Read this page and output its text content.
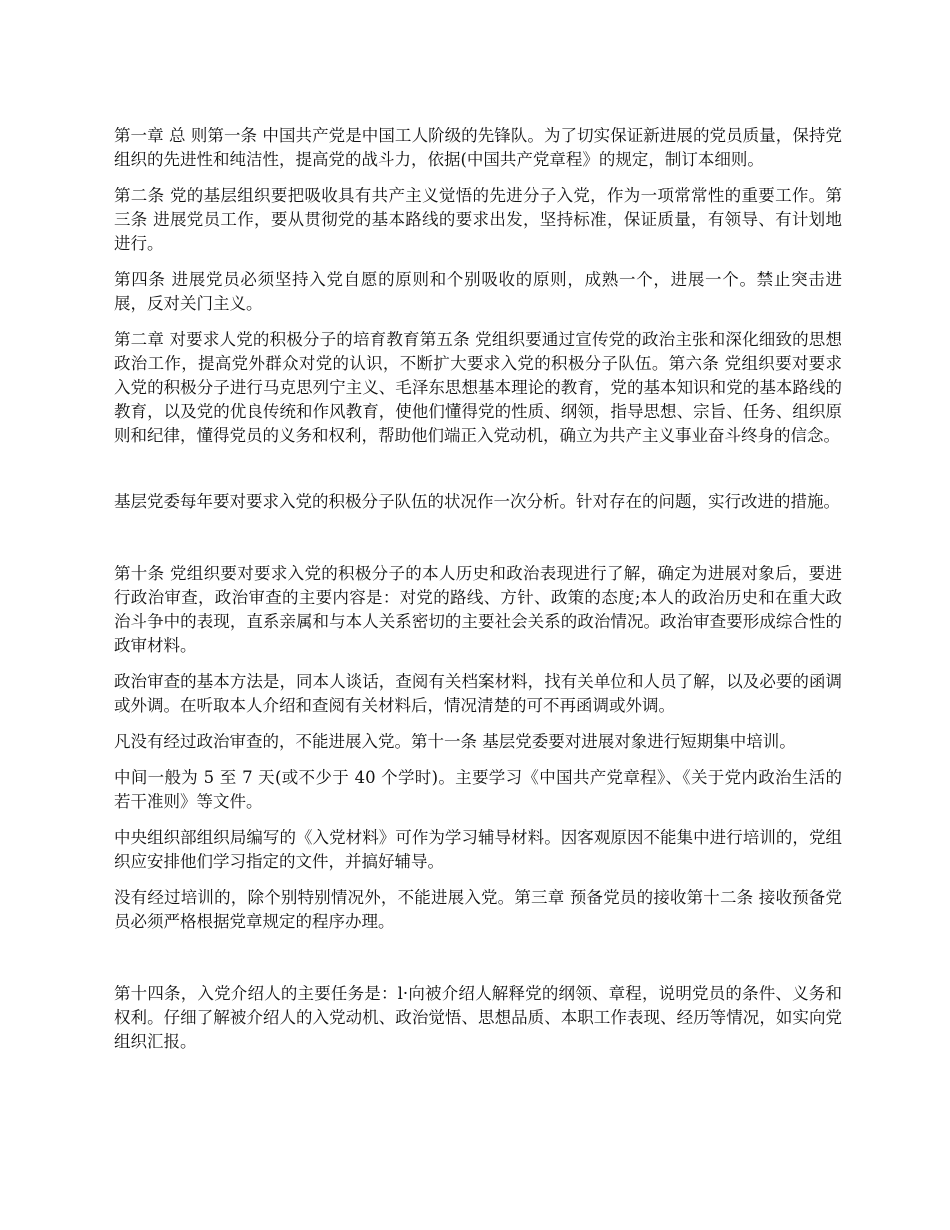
第一章 总 则第一条 中国共产党是中国工人阶级的先锋队。为了切实保证新进展的党员质量，保持党组织的先进性和纯洁性，提高党的战斗力，依据(中国共产党章程》的规定，制订本细则。

第二条 党的基层组织要把吸收具有共产主义觉悟的先进分子入党，作为一项常常性的重要工作。第三条 进展党员工作，要从贯彻党的基本路线的要求出发，坚持标准，保证质量，有领导、有计划地进行。

第四条 进展党员必须坚持入党自愿的原则和个别吸收的原则，成熟一个，进展一个。禁止突击进展，反对关门主义。

第二章 对要求人党的积极分子的培育教育第五条 党组织要通过宣传党的政治主张和深化细致的思想政治工作，提高党外群众对党的认识，不断扩大要求入党的积极分子队伍。第六条 党组织要对要求入党的积极分子进行马克思列宁主义、毛泽东思想基本理论的教育，党的基本知识和党的基本路线的教育，以及党的优良传统和作风教育，使他们懂得党的性质、纲领，指导思想、宗旨、任务、组织原则和纪律，懂得党员的义务和权利，帮助他们端正入党动机，确立为共产主义事业奋斗终身的信念。

基层党委每年要对要求入党的积极分子队伍的状况作一次分析。针对存在的问题，实行改进的措施。

第十条 党组织要对要求入党的积极分子的本人历史和政治表现进行了解，确定为进展对象后，要进行政治审查，政治审查的主要内容是：对党的路线、方针、政策的态度;本人的政治历史和在重大政治斗争中的表现，直系亲属和与本人关系密切的主要社会关系的政治情况。政治审查要形成综合性的政审材料。

政治审查的基本方法是，同本人谈话，查阅有关档案材料，找有关单位和人员了解，以及必要的函调或外调。在听取本人介绍和查阅有关材料后，情况清楚的可不再函调或外调。

凡没有经过政治审查的，不能进展入党。第十一条 基层党委要对进展对象进行短期集中培训。

中间一般为 5 至 7 天(或不少于 40 个学时)。主要学习《中国共产党章程》、《关于党内政治生活的若干准则》等文件。

中央组织部组织局编写的《入党材料》可作为学习辅导材料。因客观原因不能集中进行培训的，党组织应安排他们学习指定的文件，并搞好辅导。

没有经过培训的，除个别特别情况外，不能进展入党。第三章 预备党员的接收第十二条 接收预备党员必须严格根据党章规定的程序办理。

第十四条，入党介绍人的主要任务是：l·向被介绍人解释党的纲领、章程，说明党员的条件、义务和权利。仔细了解被介绍人的入党动机、政治觉悟、思想品质、本职工作表现、经历等情况，如实向党组织汇报。
